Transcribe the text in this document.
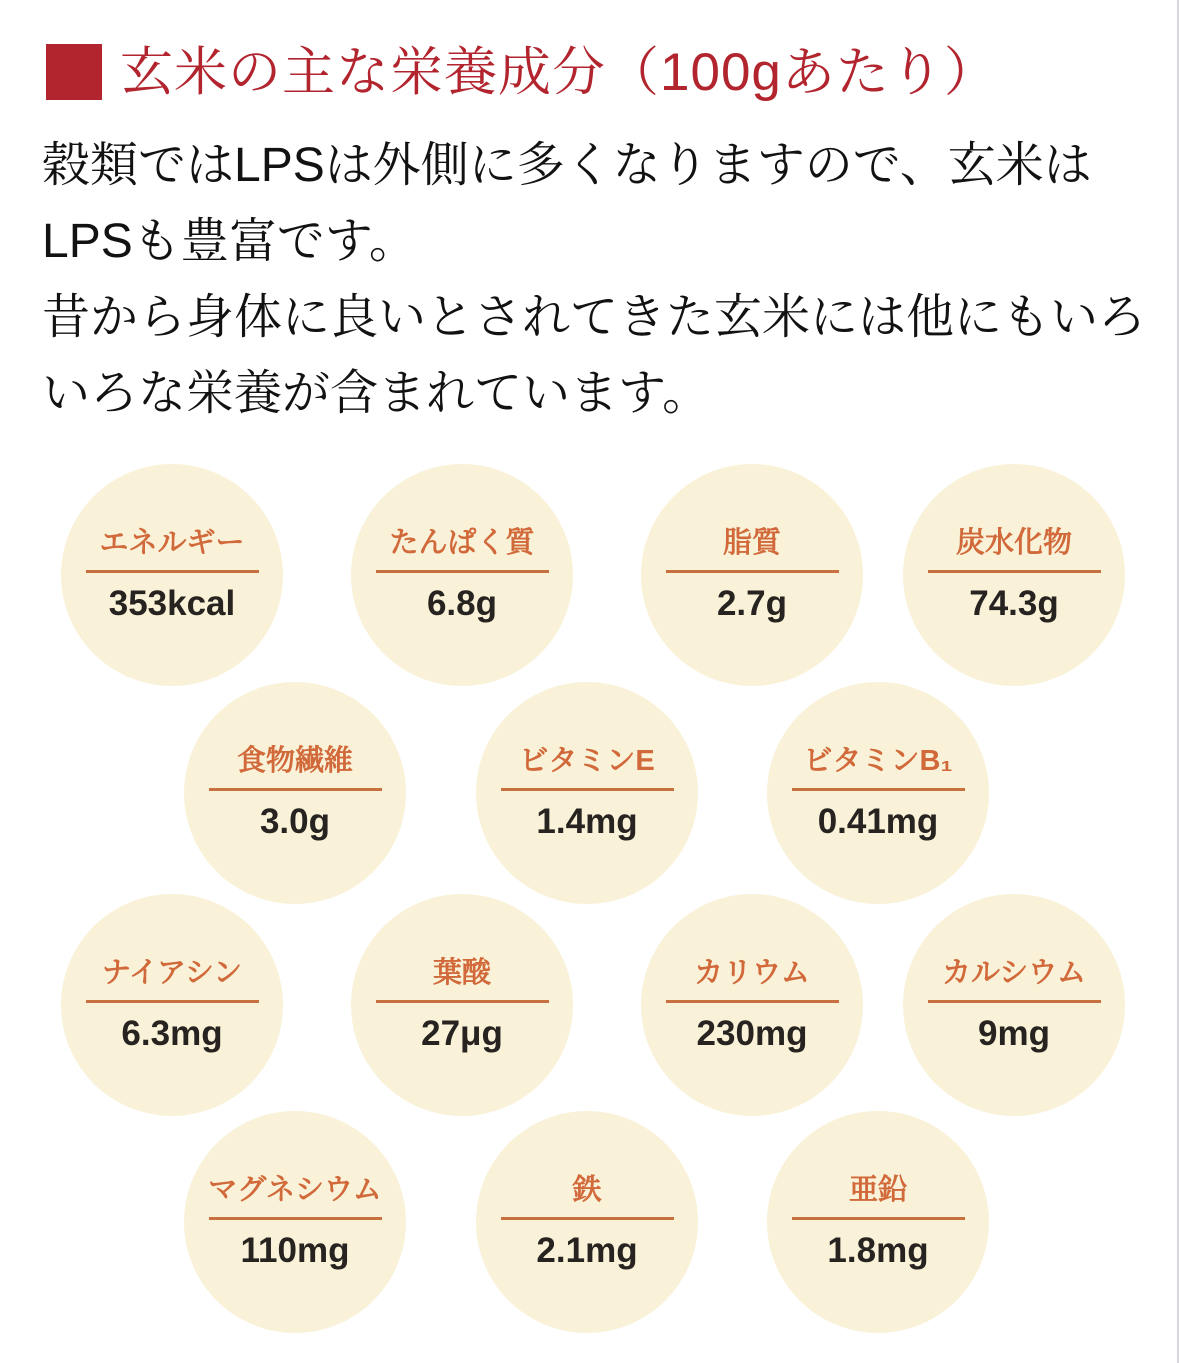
玄米の主な栄養成分（100gあたり）
穀類ではLPSは外側に多くなりますので、玄米は
LPSも豊富です。
昔から身体に良いとされてきた玄米には他にもいろ
いろな栄養が含まれています。
エネルギー
353kcal
たんぱく質
6.8g
脂質
2.7g
炭水化物
74.3g
食物繊維
3.0g
ビタミンE
1.4mg
ビタミンB₁
0.41mg
ナイアシン
6.3mg
葉酸
27μg
カリウム
230mg
カルシウム
9mg
マグネシウム
110mg
鉄
2.1mg
亜鉛
1.8mg
